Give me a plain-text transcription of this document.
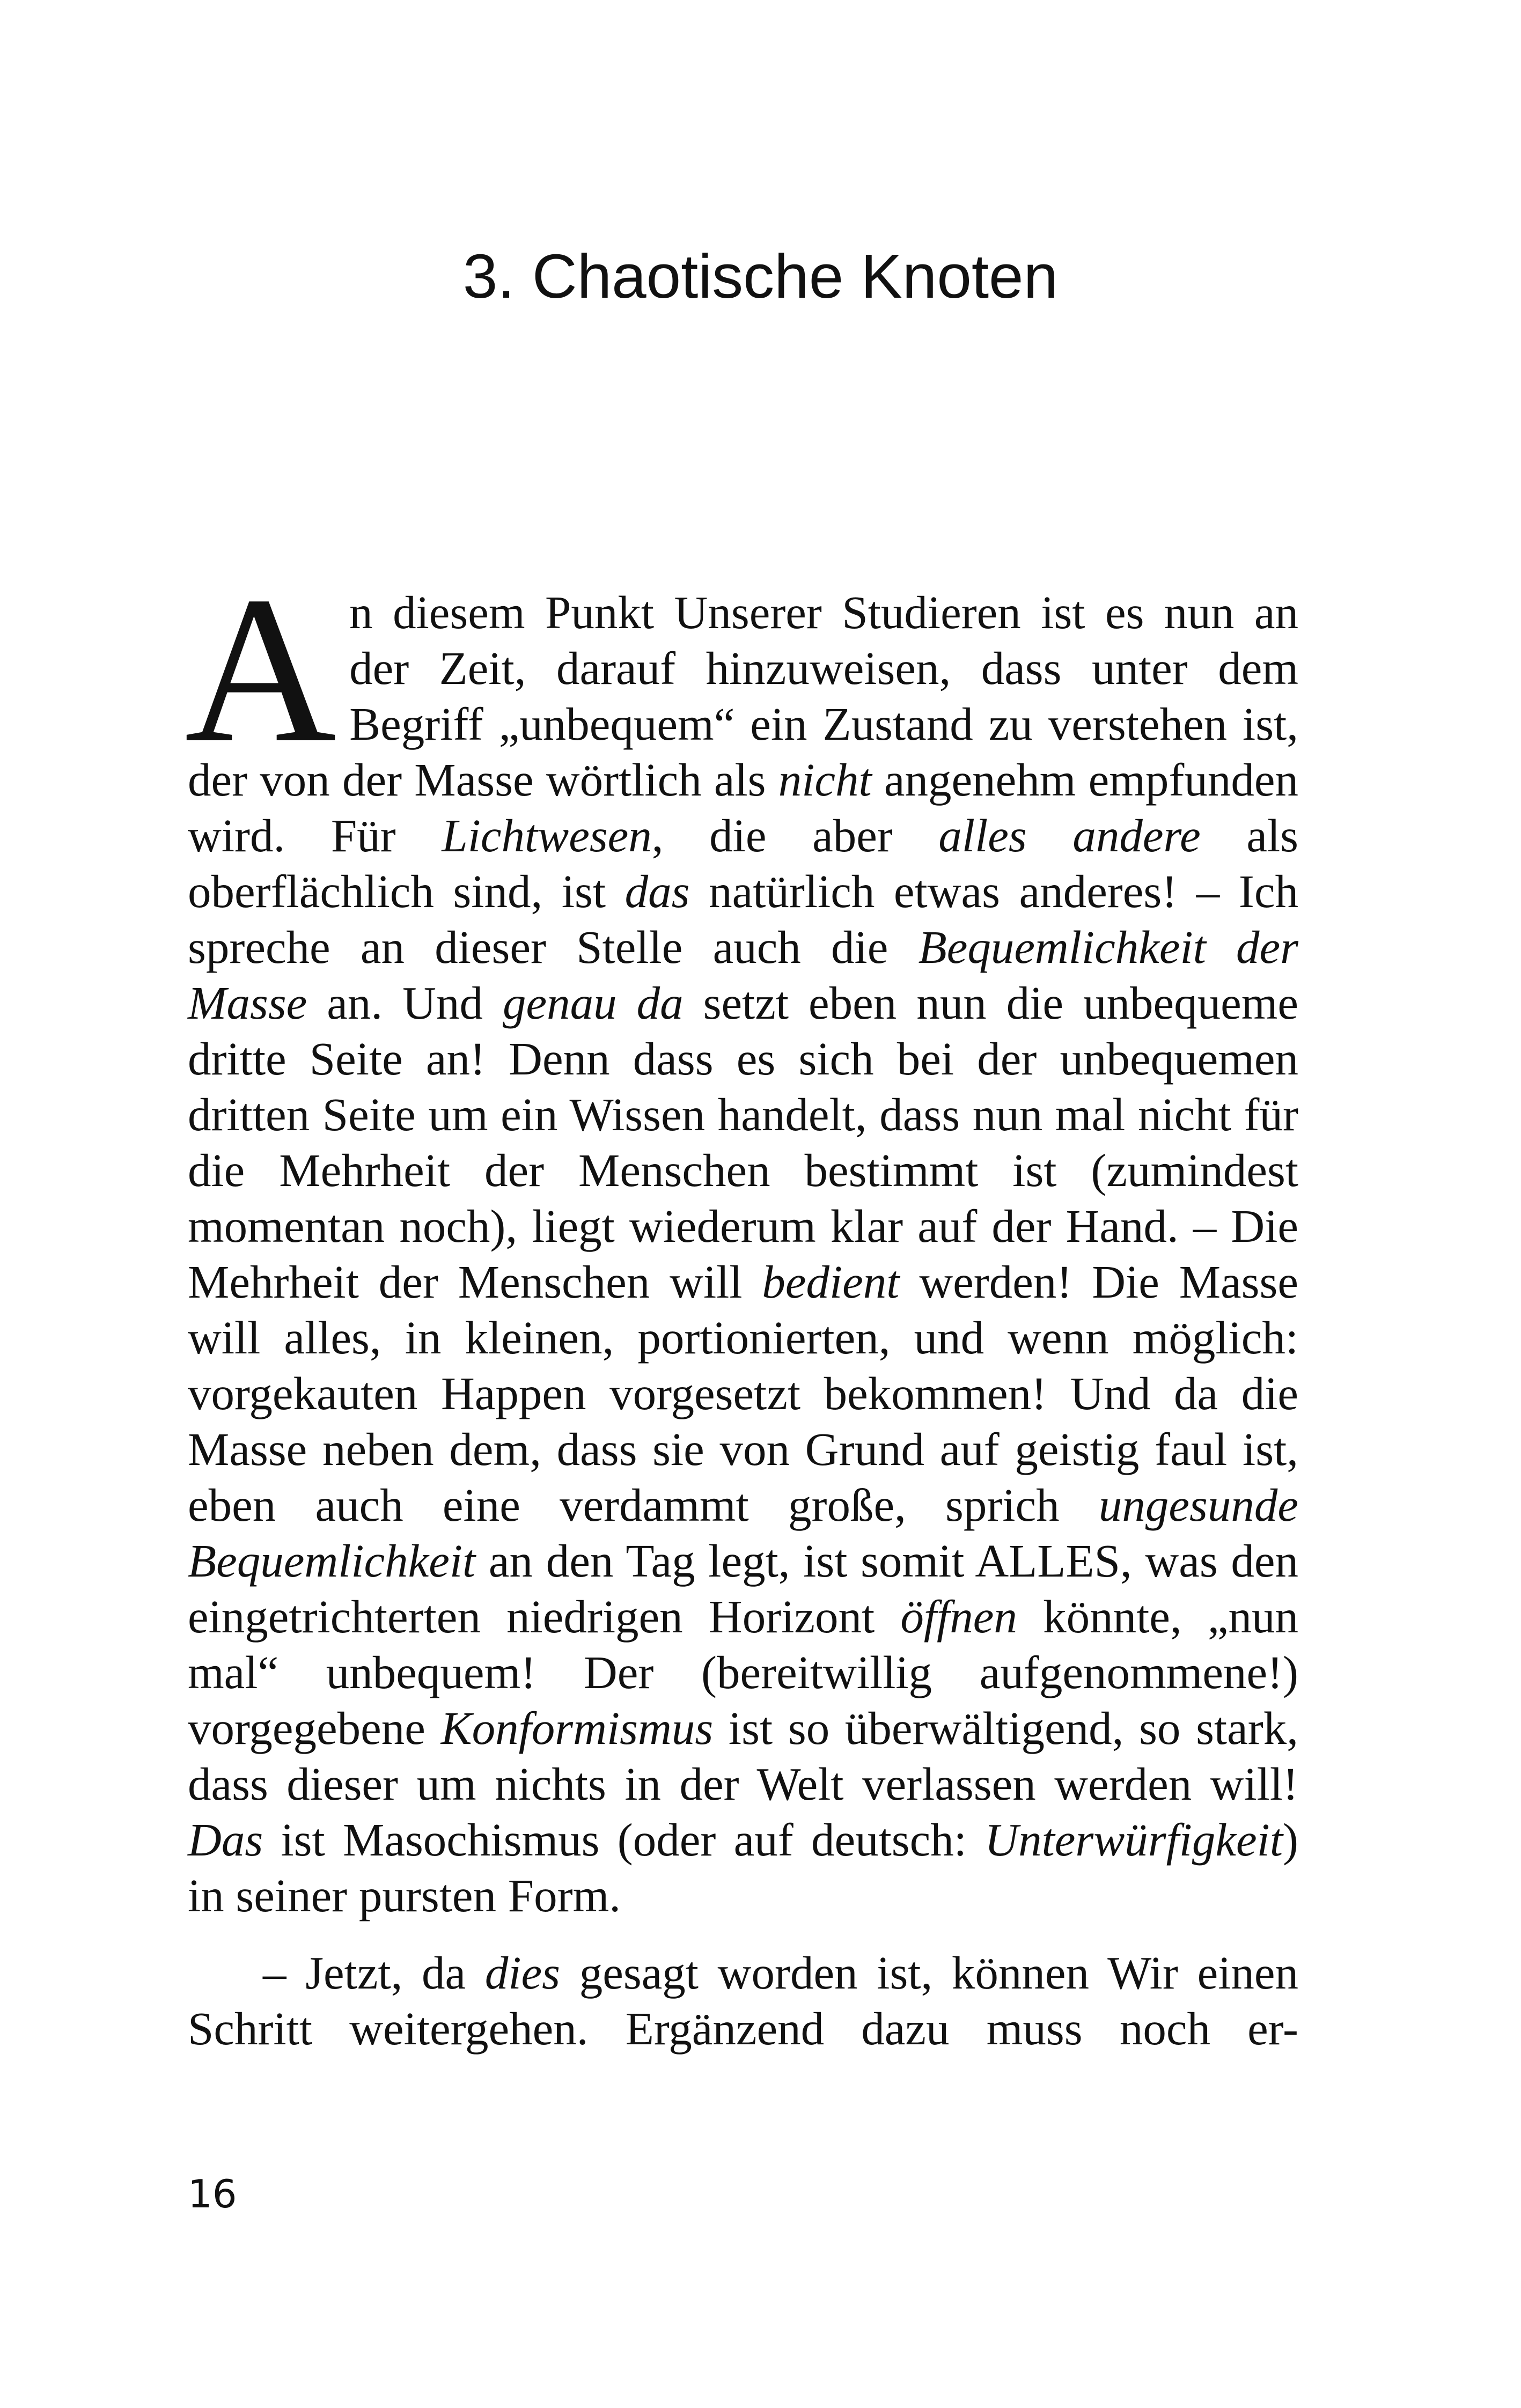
3. Chaotische Knoten

A n diesem Punkt Unserer Studieren ist es nun an der Zeit, darauf hinzuweisen, dass unter dem Begriff „unbequem“ ein Zustand zu verstehen ist, der von der Masse wörtlich als nicht angenehm empfunden wird. Für Lichtwesen, die aber alles andere als oberflächlich sind, ist das natürlich etwas anderes! – Ich spreche an dieser Stelle auch die Bequemlichkeit der Masse an. Und genau da setzt eben nun die unbequeme dritte Seite an! Denn dass es sich bei der unbequemen dritten Seite um ein Wissen handelt, dass nun mal nicht für die Mehrheit der Menschen bestimmt ist (zumindest momentan noch), liegt wiederum klar auf der Hand. – Die Mehrheit der Menschen will bedient werden! Die Masse will alles, in kleinen, portionierten, und wenn möglich: vorgekauten Happen vorgesetzt bekommen! Und da die Masse neben dem, dass sie von Grund auf geistig faul ist, eben auch eine verdammt große, sprich ungesunde Bequemlichkeit an den Tag legt, ist somit ALLES, was den eingetrichterten niedrigen Horizont öffnen könnte, „nun mal“ unbequem! Der (bereitwillig aufgenommene!) vorgegebene Konformismus ist so überwältigend, so stark, dass dieser um nichts in der Welt verlassen werden will! Das ist Masochismus (oder auf deutsch: Unterwürfigkeit) in seiner pursten Form.

– Jetzt, da dies gesagt worden ist, können Wir einen Schritt weitergehen. Ergänzend dazu muss noch er-

16
